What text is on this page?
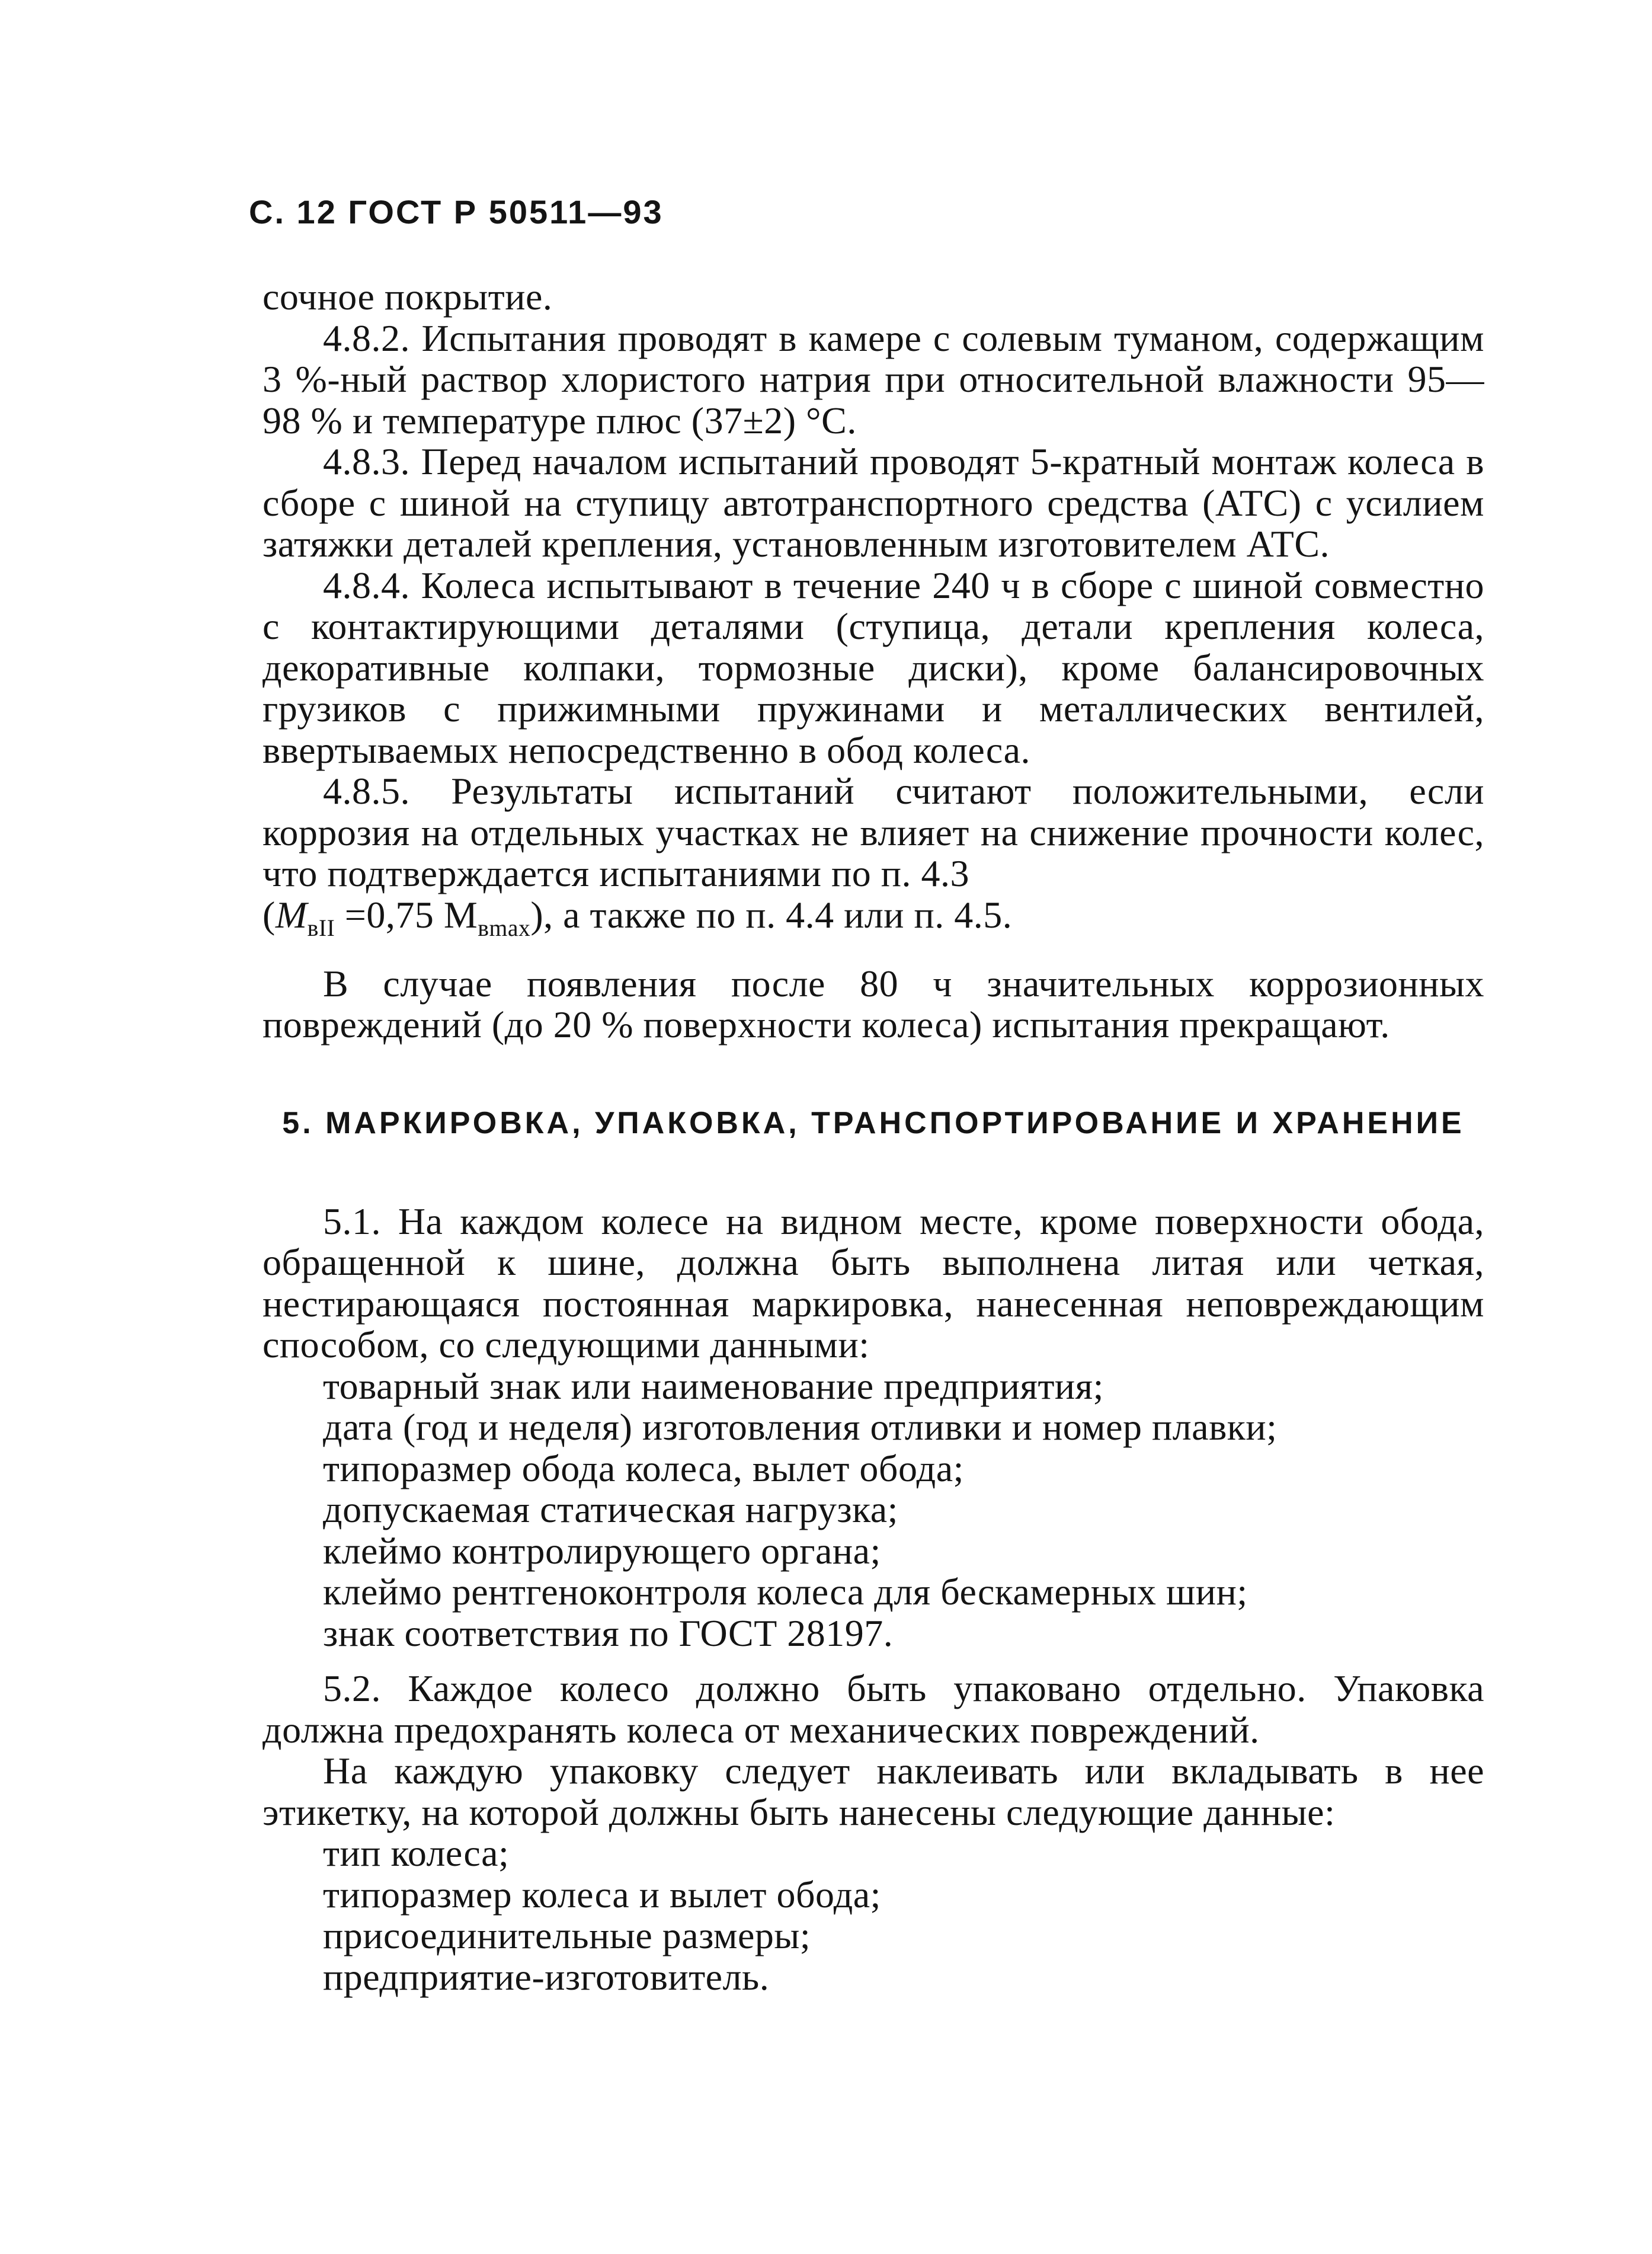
С. 12 ГОСТ Р 50511—93

сочное покрытие.

4.8.2. Испытания проводят в камере с солевым туманом, содержащим 3 %-ный раствор хлористого натрия при относительной влажности 95—98 % и температуре плюс (37±2) °С.

4.8.3. Перед началом испытаний проводят 5-кратный монтаж колеса в сборе с шиной на ступицу автотранспортного средства (АТС) с усилием затяжки деталей крепления, установленным изготовителем АТС.

4.8.4. Колеса испытывают в течение 240 ч в сборе с шиной совместно с контактирующими деталями (ступица, детали крепления колеса, декоративные колпаки, тормозные диски), кроме балансировочных грузиков с прижимными пружинами и металлических вентилей, ввертываемых непосредственно в обод колеса.

4.8.5. Результаты испытаний считают положительными, если коррозия на отдельных участках не влияет на снижение прочности колес, что подтверждается испытаниями по п. 4.3

($M_{вII} =0,75$ $M_{вmax}$), а также по п. 4.4 или п. 4.5.

В случае появления после 80 ч значительных коррозионных повреждений (до 20 % поверхности колеса) испытания прекращают.

5. МАРКИРОВКА, УПАКОВКА, ТРАНСПОРТИРОВАНИЕ И ХРАНЕНИЕ

5.1. На каждом колесе на видном месте, кроме поверхности обода, обращенной к шине, должна быть выполнена литая или четкая, нестирающаяся постоянная маркировка, нанесенная неповреждающим способом, со следующими данными:

товарный знак или наименование предприятия;

дата (год и неделя) изготовления отливки и номер плавки;

типоразмер обода колеса, вылет обода;

допускаемая статическая нагрузка;

клеймо контролирующего органа;

клеймо рентгеноконтроля колеса для бескамерных шин;

знак соответствия по ГОСТ 28197.

5.2. Каждое колесо должно быть упаковано отдельно. Упаковка должна предохранять колеса от механических повреждений.

На каждую упаковку следует наклеивать или вкладывать в нее этикетку, на которой должны быть нанесены следующие данные:

тип колеса;

типоразмер колеса и вылет обода;

присоединительные размеры;

предприятие-изготовитель.
